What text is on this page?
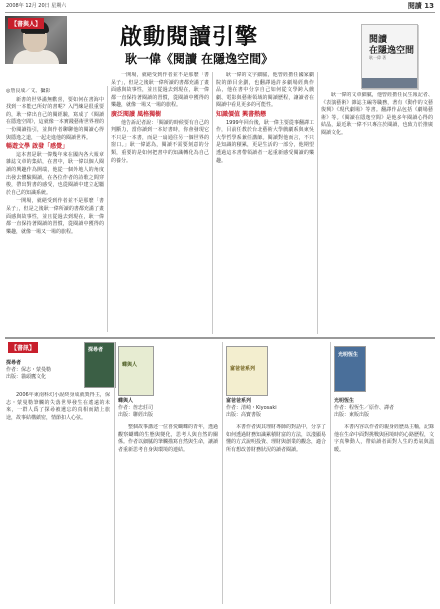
2008年 12月 20日 星期六	閱讀 13
【書與人】	啟動閱讀引擎
耿一偉《閱讀 在隱逸空間》
閱讀
在隱逸空間
耿一偉 著

◎詹良成／文、攝影

新書的世界滿無歡喜，要如何在書海中找到一本能已所好的書呢？入門練是很重要的，耿一偉出自己的閱經驗，寫成了《閱讀在隱逸空間》，這就像一本實踐藝術世界裡的一份閱讀指引，並與作者聊聊他的閱讀心得與隱逸之道，一起走進他的閱讀世界。

暢遊文學 啟發「感覺」

這本書是耿一偉幾年來在國內各大報章雜誌文章的集結，在書中，耿一偉以個人閱讀的興趣作為開端，他從一個外地人的角度出發去體驗閱讀，在各位作者的詩歌之間穿梭，帶出對書的感受，也從閱讀中建立起屬於自己的知識系統。

一開場，就絕受到作者並不是那麼「書呆子」，但是之後耿一偉所讀的書都充滿了畫面感與故事性，並且從過去到現在，耿一偉都一直保持著閱讀的習慣，從閱讀中獲得的樂趣，就像一場又一場的旅程。

一開場，就絕受到作者並不是那麼「書呆子」，但是之後耿一偉所讀的書都充滿了畫面感與故事性，並且從過去到現在，耿一偉都一直保持著閱讀的習慣，從閱讀中獲得的樂趣，就像一場又一場的旅程。

廣泛閱讀 風格獨樹

他告訴記者說：「閱讀的時候要有自己的判斷力，當你讀到一本好書時，你會發現它不只是一本書，而是一扇通往另一個世界的窗口。」耿一偉認為，閱讀不需要刻意的分類，重要的是如何把書中的知識轉化為自己的養分。

耿一偉的文字細膩，他曾經擔任國家劇院的節目企劃，也翻譯過許多劇場經典作品，他在書中分享自己如何從文學跨入戲劇、電影與藝術領域的閱讀歷程，讓讀者在閱讀中看見更多的可能性。

知識價值 興書熱戀

1999年回台後，耿一偉主要從事翻譯工作，目前任教於台北藝術大學戲劇系與東吳大學哲學系兼任講師。閱讀對他而言，不只是知識的積累，更是生活的一部分，他期望透過這本書帶領讀者一起重新感受閱讀的樂趣。

耿一偉的文章細膩，他曾經擔任民生報記者、《表演藝術》雜誌主編等職務，著有《動作的文藝復興》《現代劇場》等書。翻譯作品包括《劇場藝術》等。《閱讀在隱逸空間》是他多年閱讀心得的結晶，最近耿一偉不只專注於閱讀，也致力於推廣閱讀文化。

【書訊】	探尋者
探尋者
作者：保志・蒙曼勒
出版：貓頭鷹文化

2006年東南科幻小說終身成就獎得主，保志・蒙曼勒筆觸的失落世界發生在遙遠的未來，一群人爲了探尋被遺忘的真相而踏上旅途，故事結構縝密，情節扣人心弦。

蝶與人
蝶與人
作者：詹忠莊司
出版：聯經出版

整個故事講述一位喜愛蝴蝶的青年，透過觀察蝴蝶的生態與變化，思考人與自然的關係。作者以細膩的筆觸描寫自然與生命，讓讀者重新思考自身與環境的連結。

富爸爸系列
富爸爸系列
作者：清崎・Kiyosaki
出版：高寶書版

本書作者與其理財導師的對話中，分享了如何透過財務知識累積財富的方法，以淺顯易懂的方式說明投資、理財與創業的觀念，適合所有想改善財務狀況的讀者閱讀。

光明恆生
光明恆生
作者：程恆生／原作、譯者
出版：東販出版

本書內容以作者的親身經歷爲主軸，記錄他在生命中面對挑戰與困境時的心路歷程，文字真摯動人，帶給讀者面對人生的勇氣與溫暖。
